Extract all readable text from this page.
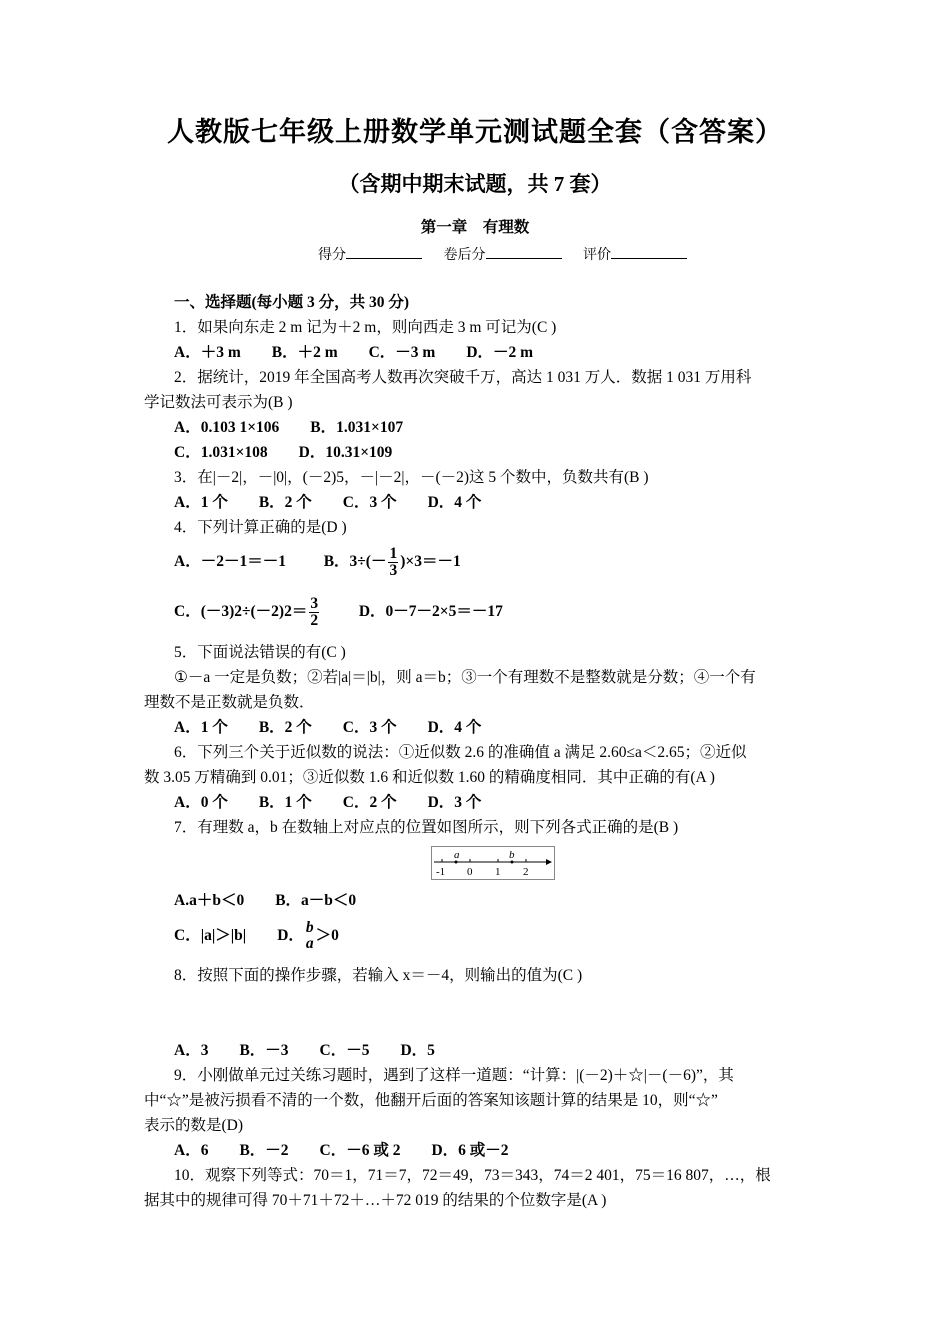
人教版七年级上册数学单元测试题全套（含答案）
（含期中期末试题，共 7 套）
第一章　有理数
得分	卷后分	评价
一、选择题(每小题 3 分，共 30 分)
1．如果向东走 2 m 记为＋2 m，则向西走 3 m 可记为(C )
A．＋3 m　　B．＋2 m　　C．－3 m　　D．－2 m
2．据统计，2019 年全国高考人数再次突破千万，高达 1 031 万人．数据 1 031 万用科
学记数法可表示为(B )
A．0.103 1×106　　B．1.031×107
C．1.031×108　　D．10.31×109
3．在|－2|，－|0|，(－2)5，－|－2|，－(－2)这 5 个数中，负数共有(B )
A．1 个　　B．2 个　　C．3 个　　D．4 个
4．下列计算正确的是(D )
A．－2－1＝－1 B．$3\div(- \frac{1}{3} )\times 3=-1$
C．$(-3)2\div(-2)2= \frac{3}{2}$	D．0－7－2×5＝－17
5．下面说法错误的有(C )
①－a 一定是负数；②若|a|＝|b|，则 a＝b；③一个有理数不是整数就是分数；④一个有
理数不是正数就是负数．
A．1 个　　B．2 个　　C．3 个　　D．4 个
6．下列三个关于近似数的说法：①近似数 2.6 的准确值 a 满足 2.60≤a＜2.65；②近似
数 3.05 万精确到 0.01；③近似数 1.6 和近似数 1.60 的精确度相同．其中正确的有(A )
A．0 个　　B．1 个　　C．2 个　　D．3 个
7．有理数 a，b 在数轴上对应点的位置如图所示，则下列各式正确的是(B )
a	b
-1 0 1 2
A.a＋b＜0　　B．a－b＜0
C．|a|＞|b|　　D． b
a ＞0
8．按照下面的操作步骤，若输入 x＝－4，则输出的值为(C )
A．3　　B．－3　　C．－5　　D．5
9．小刚做单元过关练习题时，遇到了这样一道题：“计算：|(－2)＋☆|－(－6)”，其
中“☆”是被污损看不清的一个数，他翻开后面的答案知该题计算的结果是 10，则“☆”
表示的数是(D)
A．6　　B．－2　　C．－6 或 2　　D．6 或－2
10．观察下列等式：70＝1，71＝7，72＝49，73＝343，74＝2 401，75＝16 807，…，根
据其中的规律可得 70＋71＋72＋…＋72 019 的结果的个位数字是(A )
